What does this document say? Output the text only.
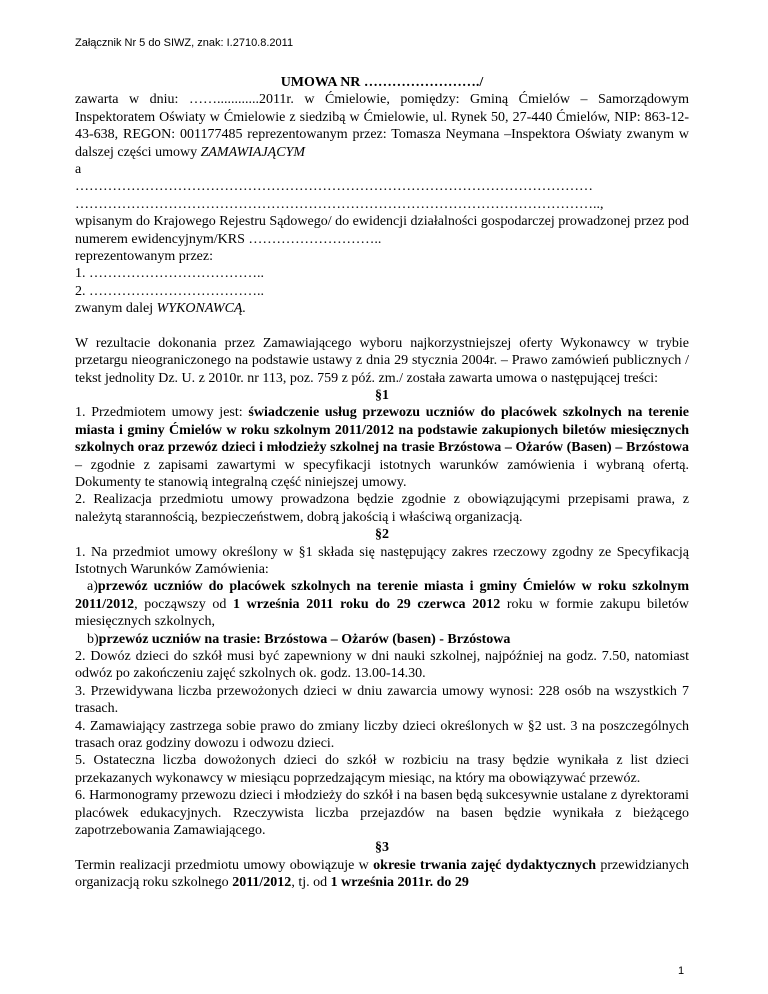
Załącznik Nr 5 do SIWZ, znak: I.2710.8.2011
UMOWA NR ……………………./
zawarta w dniu: ……............2011r. w Ćmielowie, pomiędzy: Gminą Ćmielów – Samorządowym Inspektoratem Oświaty w Ćmielowie z siedzibą w Ćmielowie, ul. Rynek 50, 27-440 Ćmielów, NIP: 863-12-43-638, REGON: 001177485 reprezentowanym przez: Tomasza Neymana –Inspektora Oświaty zwanym w dalszej części umowy ZAMAWIAJĄCYM
a
…………………………………………………………………………………………………
…………………………………………………………………………………………………..,
wpisanym do Krajowego Rejestru Sądowego/ do ewidencji działalności gospodarczej prowadzonej przez pod numerem ewidencyjnym/KRS ………………………..
reprezentowanym przez:
1. ………………………………..
2. ………………………………..
zwanym dalej WYKONAWCĄ.
W rezultacie dokonania przez Zamawiającego wyboru najkorzystniejszej oferty Wykonawcy w trybie przetargu nieograniczonego na podstawie ustawy z dnia 29 stycznia 2004r. – Prawo zamówień publicznych / tekst jednolity Dz. U. z 2010r. nr 113, poz. 759 z póź. zm./ została zawarta umowa o następującej treści:
§1
1. Przedmiotem umowy jest: świadczenie usług przewozu uczniów do placówek szkolnych na terenie miasta i gminy Ćmielów w roku szkolnym 2011/2012 na podstawie zakupionych biletów miesięcznych szkolnych oraz przewóz dzieci i młodzieży szkolnej na trasie Brzóstowa – Ożarów (Basen) – Brzóstowa – zgodnie z zapisami zawartymi w specyfikacji istotnych warunków zamówienia i wybraną ofertą. Dokumenty te stanowią integralną część niniejszej umowy.
2. Realizacja przedmiotu umowy prowadzona będzie zgodnie z obowiązującymi przepisami prawa, z należytą starannością, bezpieczeństwem, dobrą jakością i właściwą organizacją.
§2
1. Na przedmiot umowy określony w §1 składa się następujący zakres rzeczowy zgodny ze Specyfikacją Istotnych Warunków Zamówienia:
a)przewóz uczniów do placówek szkolnych na terenie miasta i gminy Ćmielów w roku szkolnym 2011/2012, począwszy od 1 września 2011 roku do 29 czerwca 2012 roku w formie zakupu biletów miesięcznych szkolnych,
b)przewóz uczniów na trasie: Brzóstowa – Ożarów (basen) - Brzóstowa
2. Dowóz dzieci do szkół musi być zapewniony w dni nauki szkolnej, najpóźniej na godz. 7.50, natomiast odwóz po zakończeniu zajęć szkolnych ok. godz. 13.00-14.30.
3. Przewidywana liczba przewożonych dzieci w dniu zawarcia umowy wynosi: 228 osób na wszystkich 7 trasach.
4. Zamawiający zastrzega sobie prawo do zmiany liczby dzieci określonych w §2 ust. 3 na poszczególnych trasach oraz godziny dowozu i odwozu dzieci.
5. Ostateczna liczba dowożonych dzieci do szkół w rozbiciu na trasy będzie wynikała z list dzieci przekazanych wykonawcy w miesiącu poprzedzającym miesiąc, na który ma obowiązywać przewóz.
6. Harmonogramy przewozu dzieci i młodzieży do szkół i na basen będą sukcesywnie ustalane z dyrektorami placówek edukacyjnych. Rzeczywista liczba przejazdów na basen będzie wynikała z bieżącego zapotrzebowania Zamawiającego.
§3
Termin realizacji przedmiotu umowy obowiązuje w okresie trwania zajęć dydaktycznych przewidzianych organizacją roku szkolnego 2011/2012, tj. od 1 września 2011r. do 29
1
